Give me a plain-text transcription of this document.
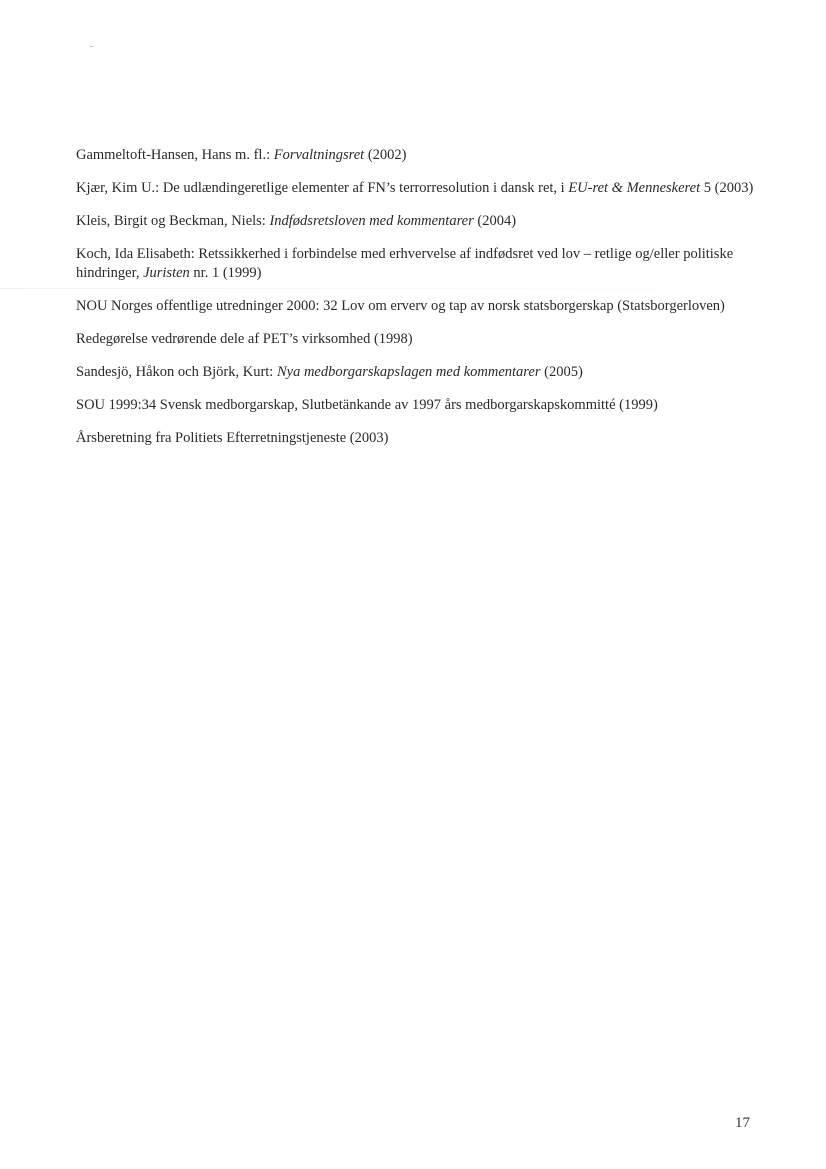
Gammeltoft-Hansen, Hans m. fl.: Forvaltningsret (2002)
Kjær, Kim U.: De udlændingeretlige elementer af FN’s terrorresolution i dansk ret, i EU-ret & Menneskeret 5 (2003)
Kleis, Birgit og Beckman, Niels: Indfødsretsloven med kommentarer (2004)
Koch, Ida Elisabeth: Retssikkerhed i forbindelse med erhvervelse af indfødsret ved lov – retlige og/eller politiske hindringer, Juristen nr. 1 (1999)
NOU Norges offentlige utredninger 2000: 32 Lov om erverv og tap av norsk statsborgerskap (Statsborgerloven)
Redegørelse vedrørende dele af PET’s virksomhed (1998)
Sandesjö, Håkon och Björk, Kurt: Nya medborgarskapslagen med kommentarer (2005)
SOU 1999:34 Svensk medborgarskap, Slutbetänkande av 1997 års medborgarskapskommitté (1999)
Årsberetning fra Politiets Efterretningstjeneste (2003)
17
